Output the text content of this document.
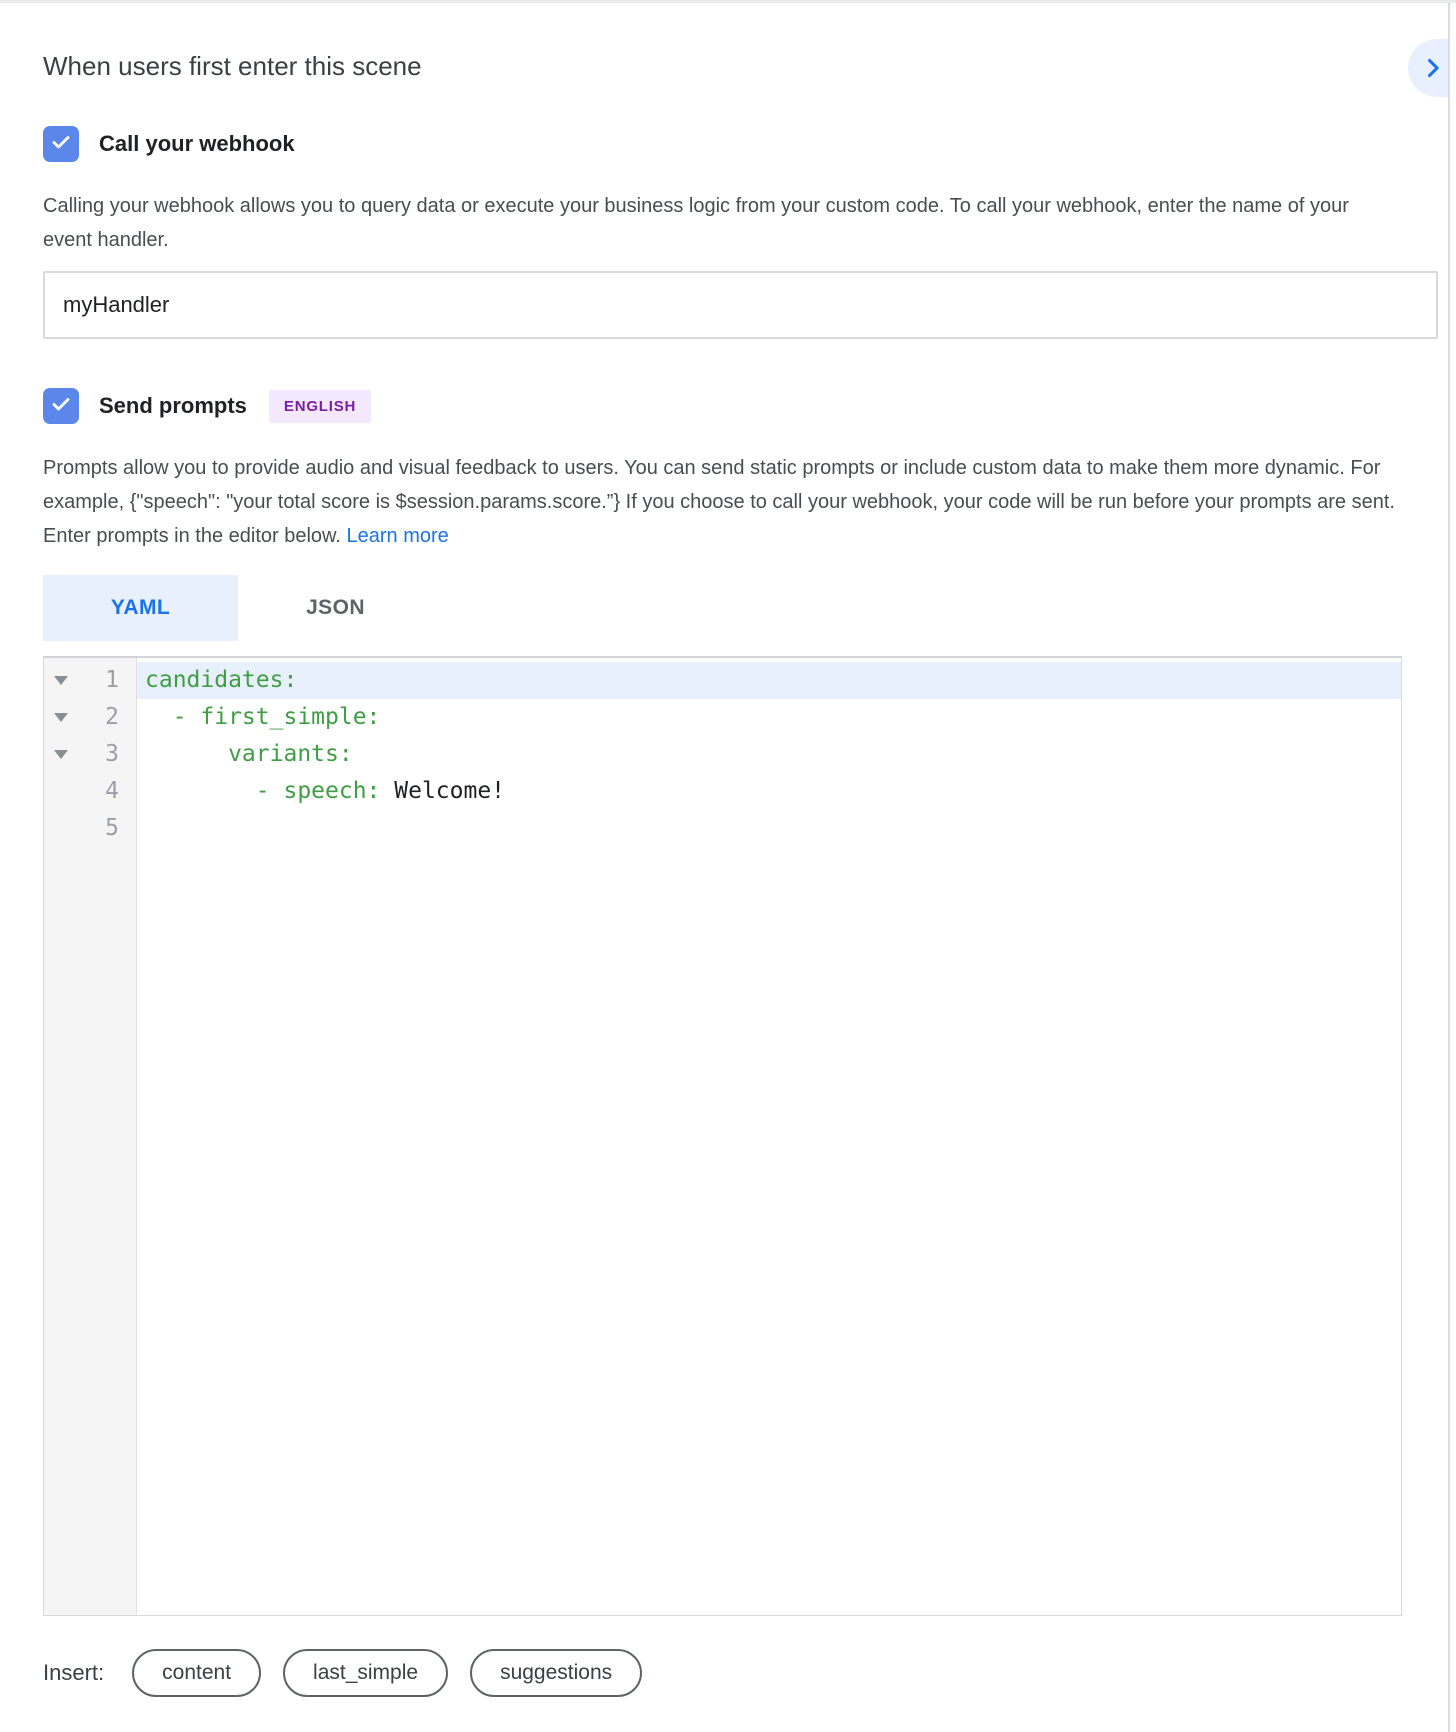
When users first enter this scene
Call your webhook

Calling your webhook allows you to query data or execute your business logic from your custom code. To call your webhook, enter the name of your event handler.

myHandler
Send prompts	ENGLISH

Prompts allow you to provide audio and visual feedback to users. You can send static prompts or include custom data to make them more dynamic. For example, {"speech": "your total score is $session.params.score.”} If you choose to call your webhook, your code will be run before your prompts are sent. Enter prompts in the editor below. Learn more

YAML	JSON
1	candidates:
2	- first_simple:
3	variants:
4	- speech: Welcome!
5
Insert:	content	last_simple	suggestions
